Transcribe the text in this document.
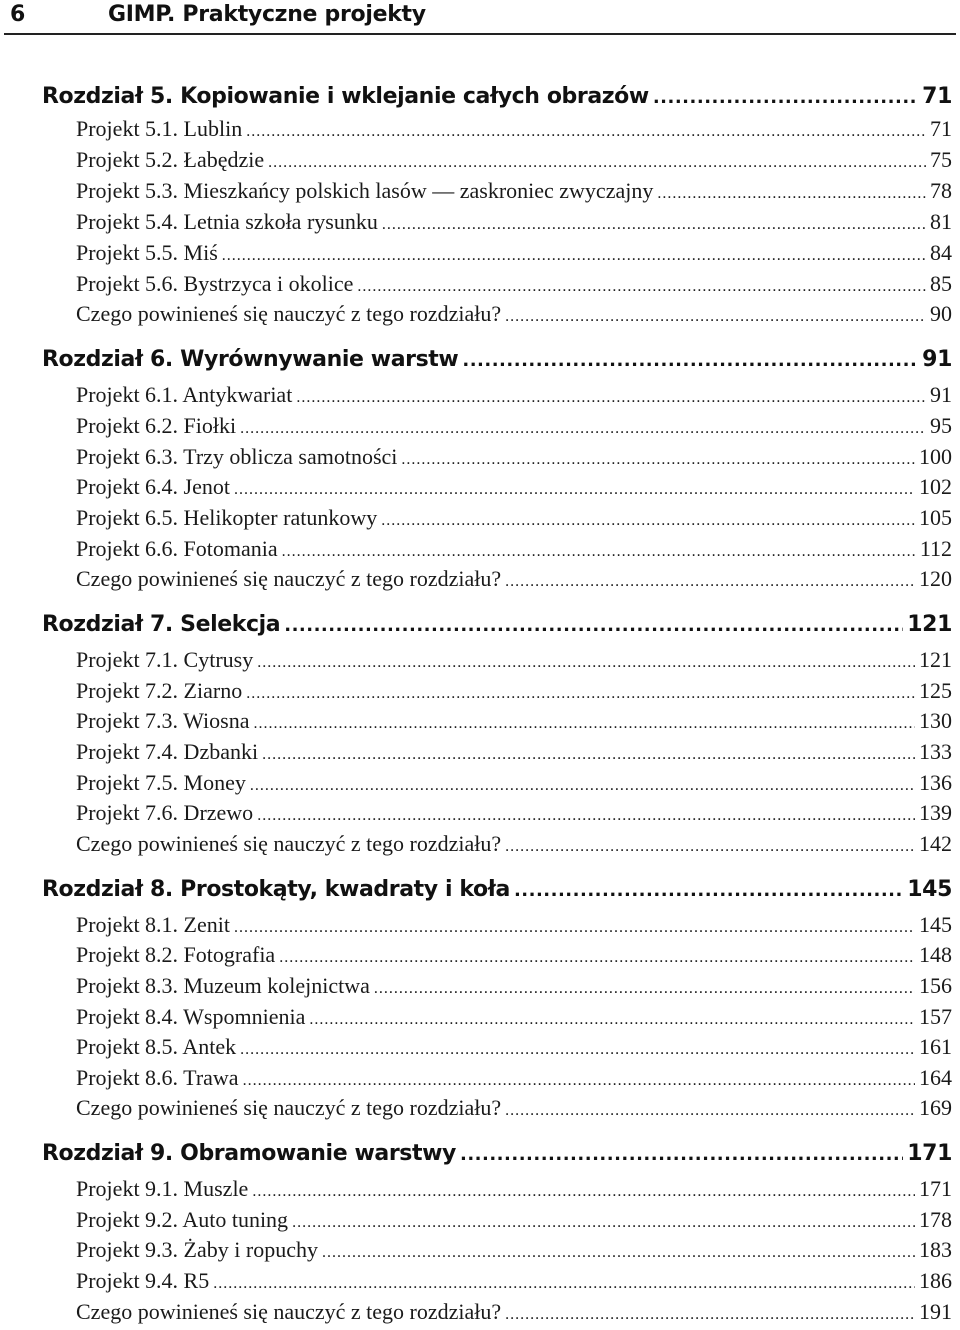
6	GIMP. Praktyczne projekty
Rozdział 5. Kopiowanie i wklejanie całych obrazów .....	71
Projekt 5.1. Lublin .....	71
Projekt 5.2. Łabędzie .....	75
Projekt 5.3. Mieszkańcy polskich lasów — zaskroniec zwyczajny .....	78
Projekt 5.4. Letnia szkoła rysunku .....	81
Projekt 5.5. Miś .....	84
Projekt 5.6. Bystrzyca i okolice .....	85
Czego powinieneś się nauczyć z tego rozdziału? .....	90
Rozdział 6. Wyrównywanie warstw .....	91
Projekt 6.1. Antykwariat .....	91
Projekt 6.2. Fiołki .....	95
Projekt 6.3. Trzy oblicza samotności .....	100
Projekt 6.4. Jenot .....	102
Projekt 6.5. Helikopter ratunkowy .....	105
Projekt 6.6. Fotomania .....	112
Czego powinieneś się nauczyć z tego rozdziału? .....	120
Rozdział 7. Selekcja .....	121
Projekt 7.1. Cytrusy .....	121
Projekt 7.2. Ziarno .....	125
Projekt 7.3. Wiosna .....	130
Projekt 7.4. Dzbanki .....	133
Projekt 7.5. Money .....	136
Projekt 7.6. Drzewo .....	139
Czego powinieneś się nauczyć z tego rozdziału? .....	142
Rozdział 8. Prostokąty, kwadraty i koła .....	145
Projekt 8.1. Zenit .....	145
Projekt 8.2. Fotografia .....	148
Projekt 8.3. Muzeum kolejnictwa .....	156
Projekt 8.4. Wspomnienia .....	157
Projekt 8.5. Antek .....	161
Projekt 8.6. Trawa .....	164
Czego powinieneś się nauczyć z tego rozdziału? .....	169
Rozdział 9. Obramowanie warstwy .....	171
Projekt 9.1. Muszle .....	171
Projekt 9.2. Auto tuning .....	178
Projekt 9.3. Żaby i ropuchy .....	183
Projekt 9.4. R5 .....	186
Czego powinieneś się nauczyć z tego rozdziału? .....	191
